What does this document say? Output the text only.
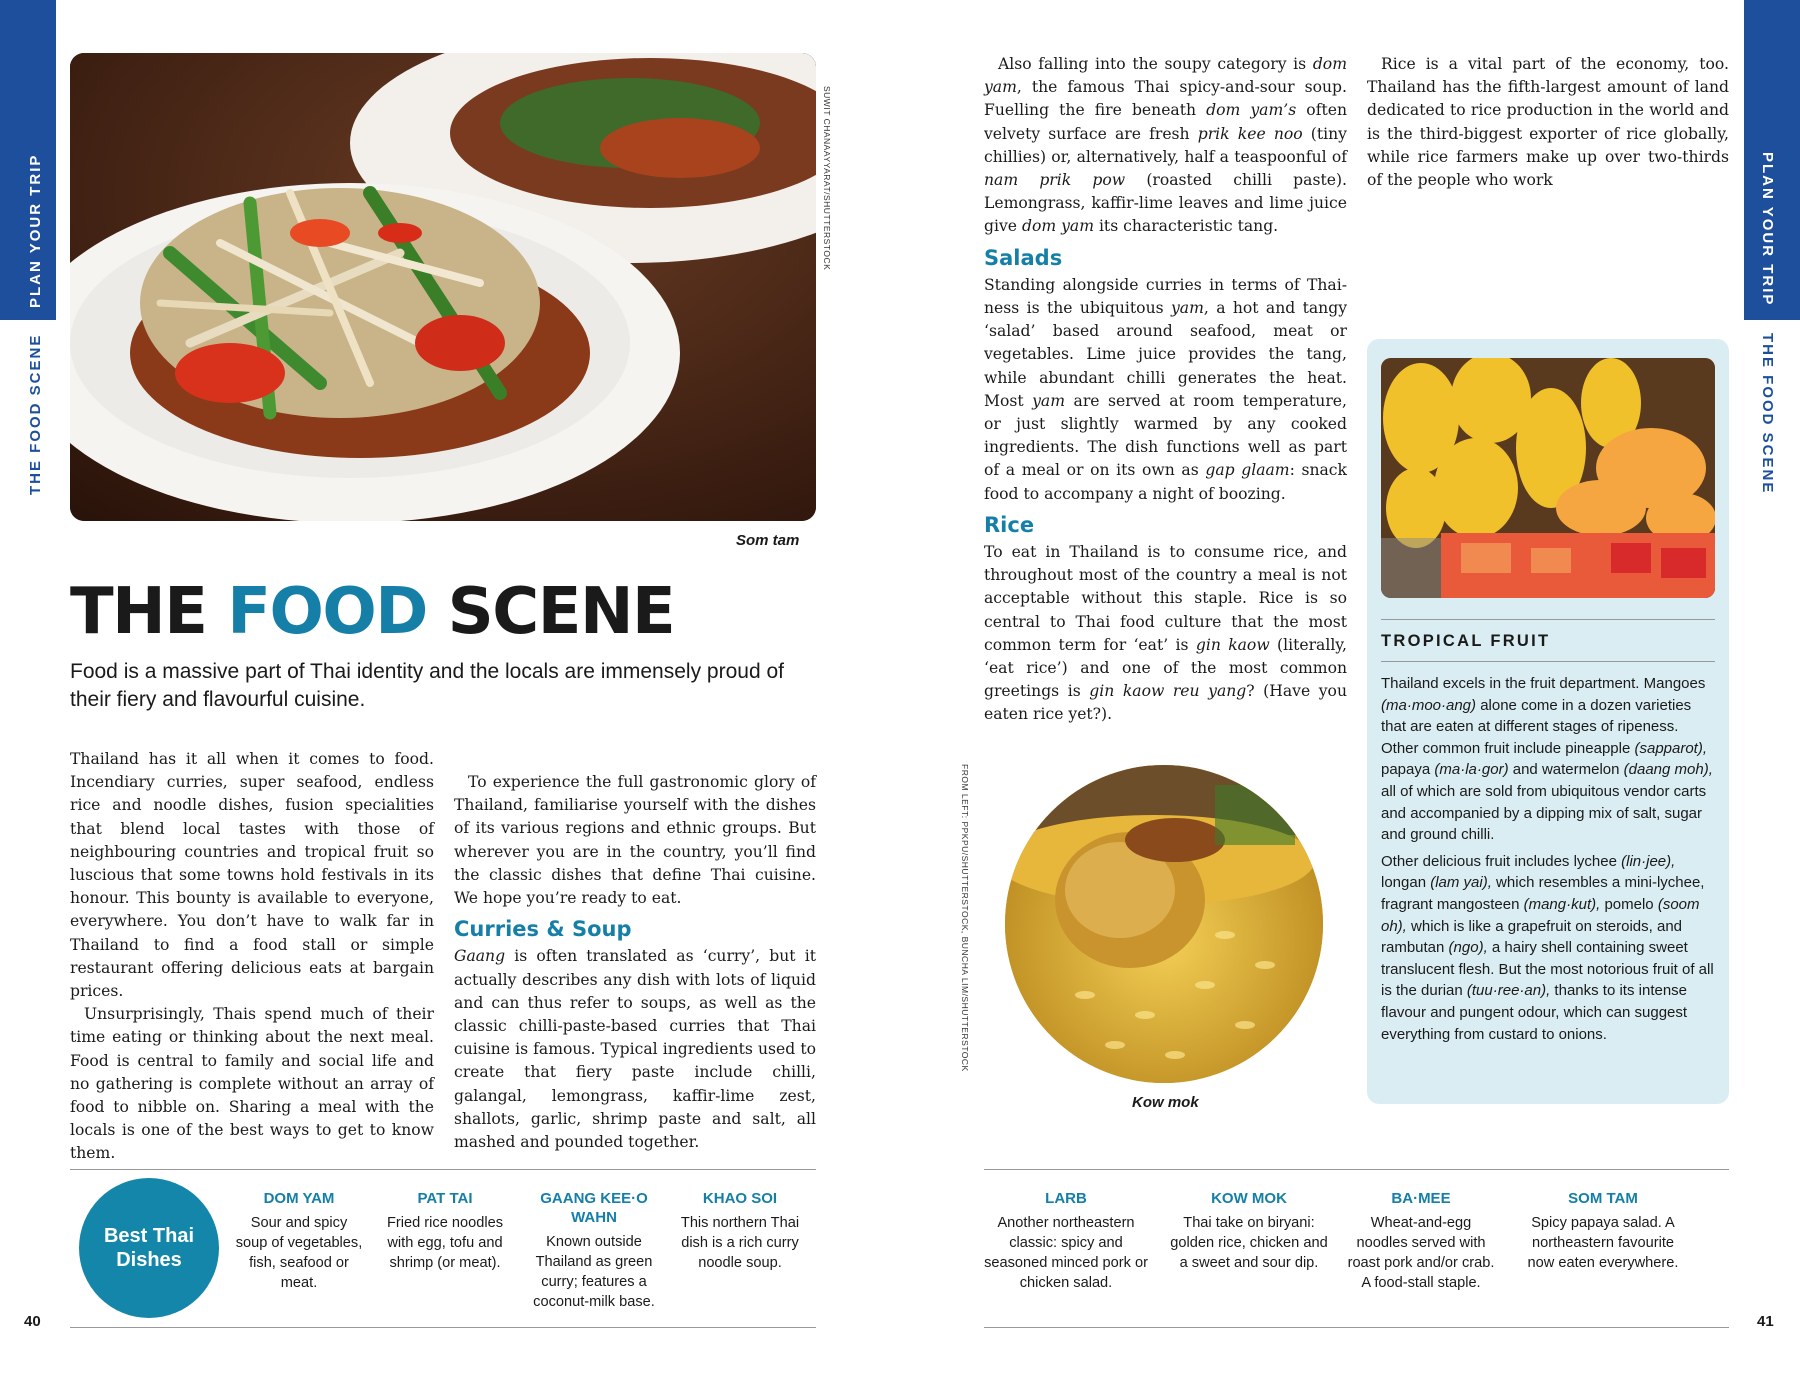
PLAN YOUR TRIP
THE FOOD SCENE
PLAN YOUR TRIP
THE FOOD SCENE
SUWIT CHANAAYYARAT/SHUTTERSTOCK
Som tam
THE FOOD SCENE
Food is a massive part of Thai identity and the locals are immensely proud of their fiery and flavourful cuisine.

Thailand has it all when it comes to food. Incendiary curries, super seafood, endless rice and noodle dishes, fusion specialities that blend local tastes with those of neighbouring countries and tropical fruit so luscious that some towns hold festivals in its honour. This bounty is available to everyone, everywhere. You don’t have to walk far in Thailand to find a food stall or simple restaurant offering delicious eats at bargain prices.

Unsurprisingly, Thais spend much of their time eating or thinking about the next meal. Food is central to family and social life and no gathering is complete without an array of food to nibble on. Sharing a meal with the locals is one of the best ways to get to know them.

To experience the full gastronomic glory of Thailand, familiarise yourself with the dishes of its various regions and ethnic groups. But wherever you are in the country, you’ll find the classic dishes that define Thai cuisine. We hope you’re ready to eat.

Curries & Soup

Gaang is often translated as ‘curry’, but it actually describes any dish with lots of liquid and can thus refer to soups, as well as the classic chilli-paste-based curries that Thai cuisine is famous. Typical ingredients used to create that fiery paste include chilli, galangal, lemongrass, kaffir-lime zest, shallots, garlic, shrimp paste and salt, all mashed and pounded together.

Also falling into the soupy category is dom yam, the famous Thai spicy-and-sour soup. Fuelling the fire beneath dom yam’s often velvety surface are fresh prik kee noo (tiny chillies) or, alternatively, half a teaspoonful of nam prik pow (roasted chilli paste). Lemongrass, kaffir-lime leaves and lime juice give dom yam its characteristic tang.

Salads

Standing alongside curries in terms of Thai-ness is the ubiquitous yam, a hot and tangy ‘salad’ based around seafood, meat or vegetables. Lime juice provides the tang, while abundant chilli generates the heat. Most yam are served at room temperature, or just slightly warmed by any cooked ingredients. The dish functions well as part of a meal or on its own as gap glaam: snack food to accompany a night of boozing.

Rice

To eat in Thailand is to consume rice, and throughout most of the country a meal is not acceptable without this staple. Rice is so central to Thai food culture that the most common term for ‘eat’ is gin kaow (literally, ‘eat rice’) and one of the most common greetings is gin kaow reu yang? (Have you eaten rice yet?).

Rice is a vital part of the economy, too. Thailand has the fifth-largest amount of land dedicated to rice production in the world and is the third-biggest exporter of rice globally, while rice farmers make up over two-thirds of the people who work

FROM LEFT: PPKPU/SHUTTERSTOCK, BUNCHA LIM/SHUTTERSTOCK
Kow mok
TROPICAL FRUIT

Thailand excels in the fruit department. Mangoes (ma·moo·ang) alone come in a dozen varieties that are eaten at different stages of ripeness. Other common fruit include pineapple (sapparot), papaya (ma·la·gor) and watermelon (daang moh), all of which are sold from ubiquitous vendor carts and accompanied by a dipping mix of salt, sugar and ground chilli.

Other delicious fruit includes lychee (lin·jee), longan (lam yai), which resembles a mini-lychee, fragrant mangosteen (mang·kut), pomelo (soom oh), which is like a grapefruit on steroids, and rambutan (ngo), a hairy shell containing sweet translucent flesh. But the most notorious fruit of all is the durian (tuu·ree·an), thanks to its intense flavour and pungent odour, which can suggest everything from custard to onions.

Best Thai Dishes
DOM YAM
Sour and spicy soup of vegetables, fish, seafood or meat.
PAT TAI
Fried rice noodles with egg, tofu and shrimp (or meat).
GAANG KEE·O WAHN
Known outside Thailand as green curry; features a coconut-milk base.
KHAO SOI
This northern Thai dish is a rich curry noodle soup.
LARB
Another northeastern classic: spicy and seasoned minced pork or chicken salad.
KOW MOK
Thai take on biryani: golden rice, chicken and a sweet and sour dip.
BA·MEE
Wheat-and-egg noodles served with roast pork and/or crab. A food-stall staple.
SOM TAM
Spicy papaya salad. A northeastern favourite now eaten everywhere.
40	41
